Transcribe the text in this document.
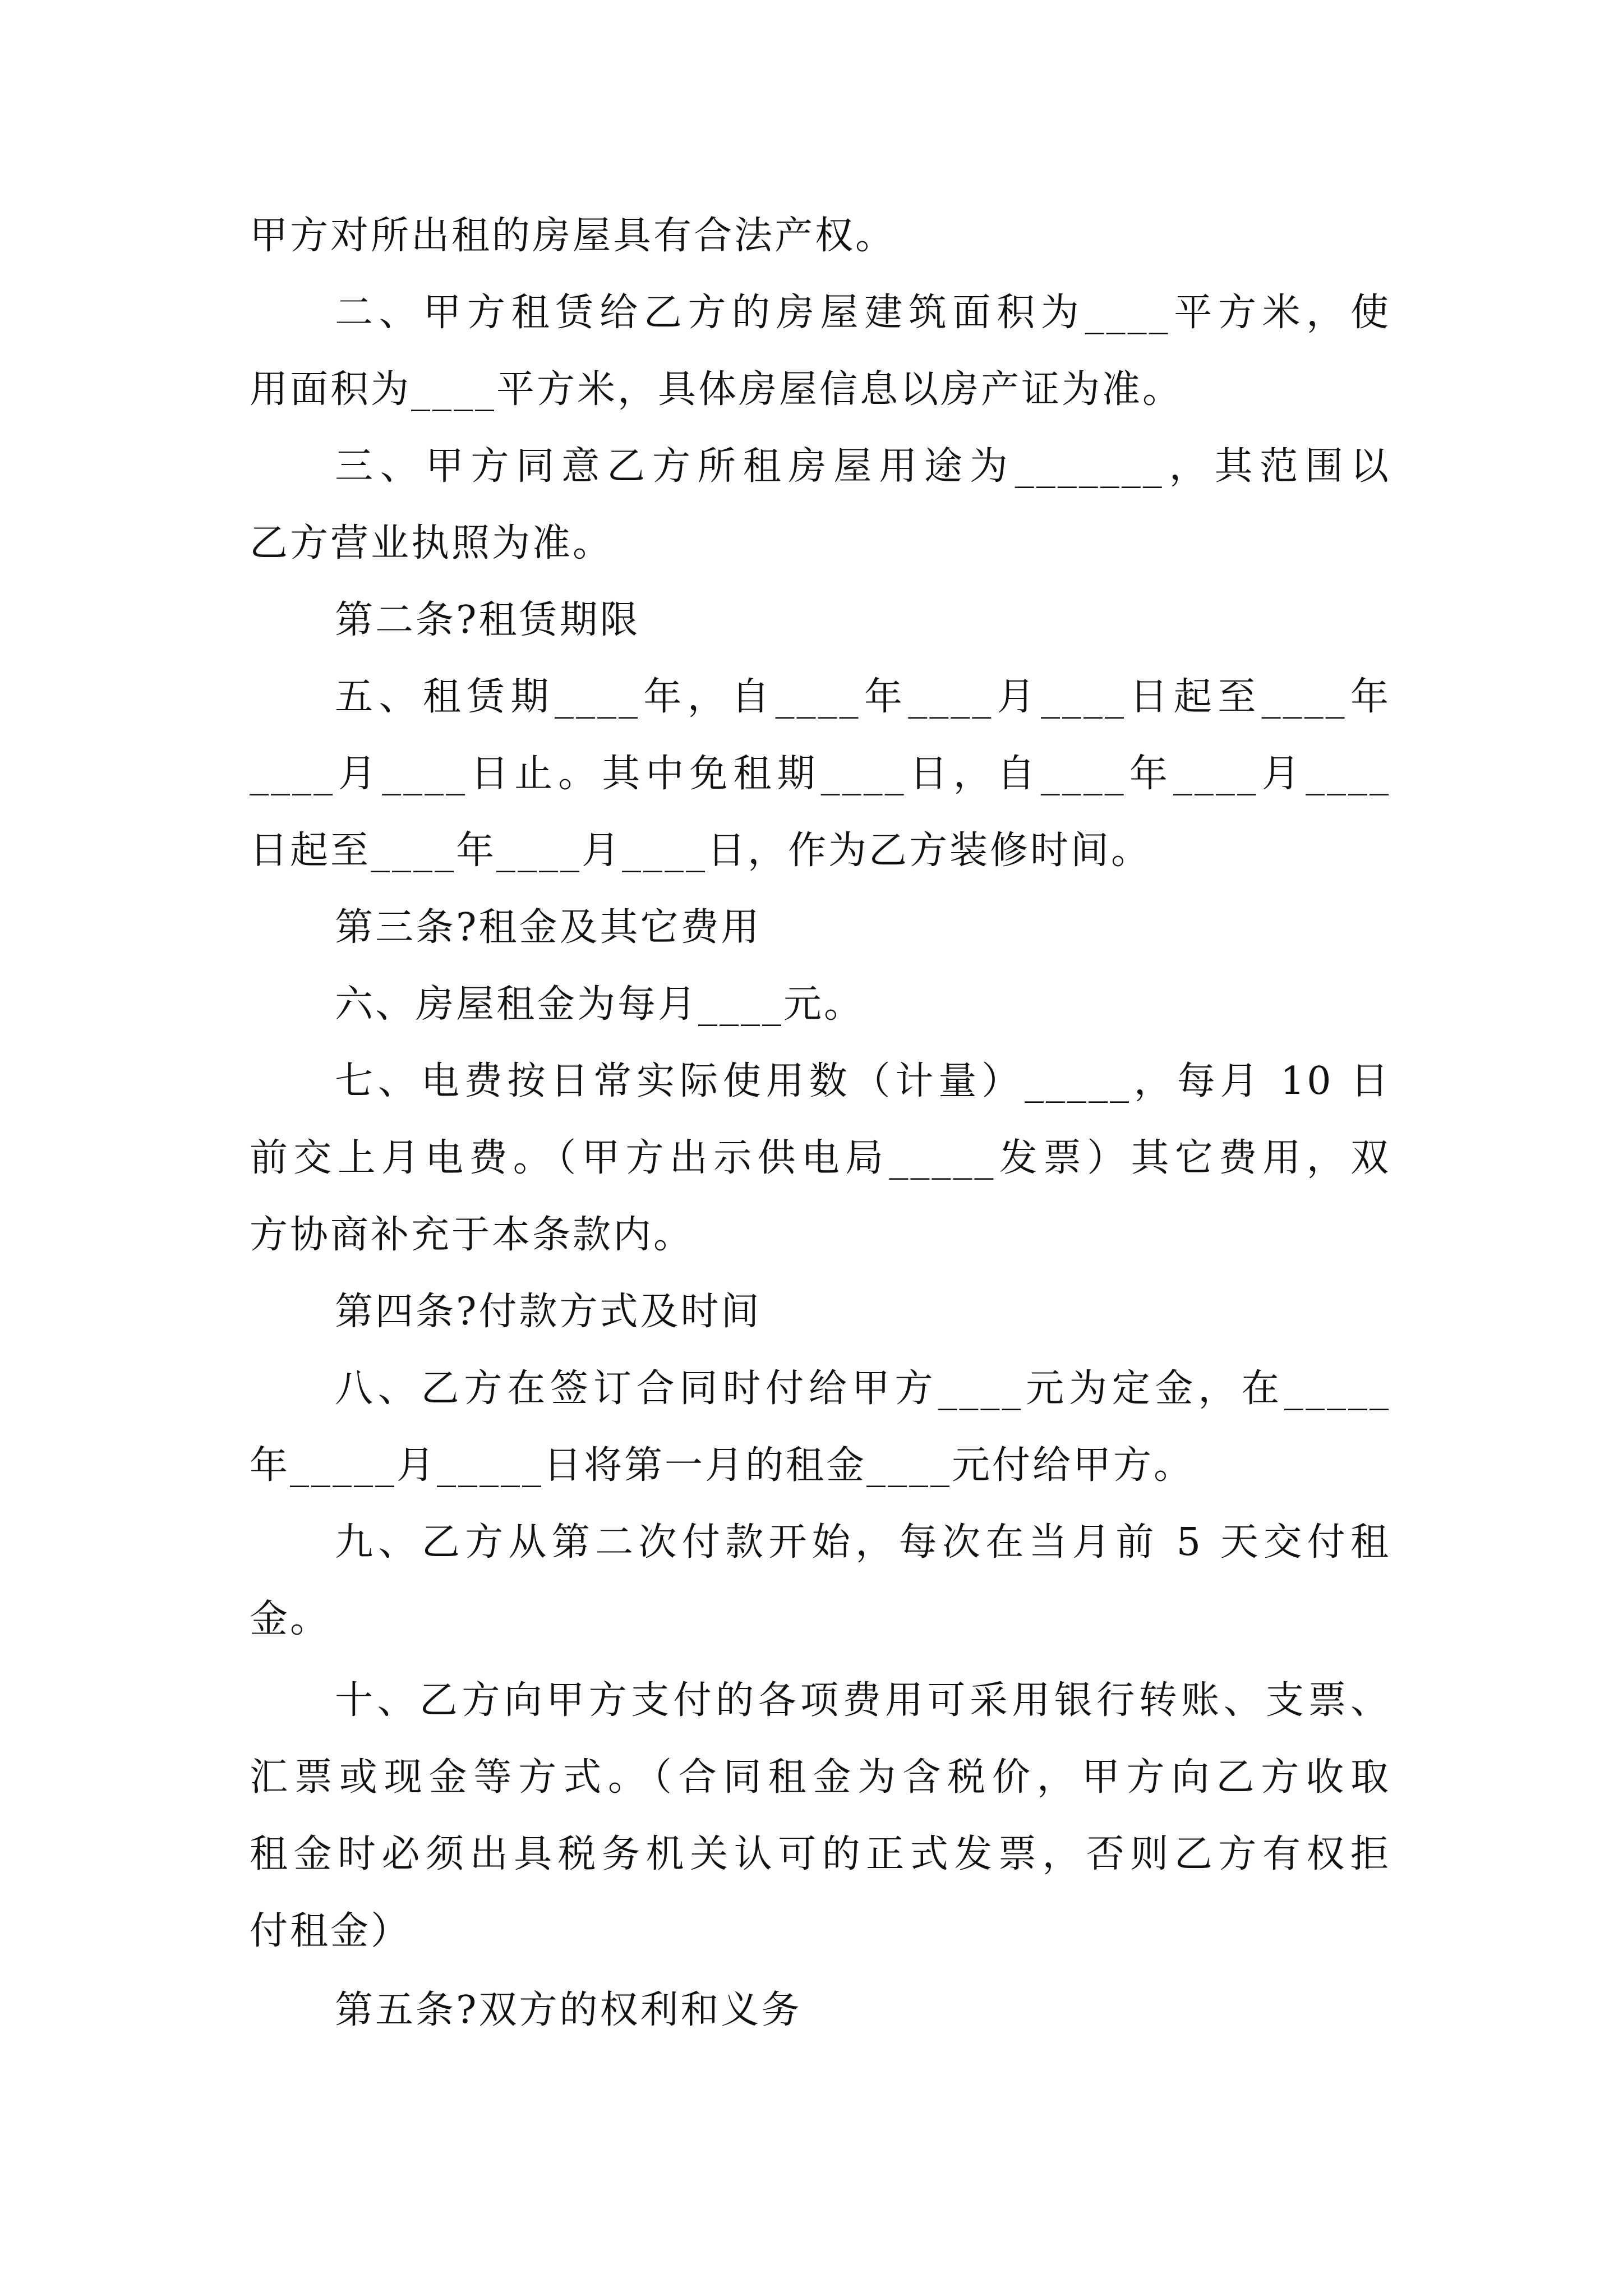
甲方对所出租的房屋具有合法产权。
二、甲方租赁给乙方的房屋建筑面积为____平方米，使
用面积为____平方米，具体房屋信息以房产证为准。
三、甲方同意乙方所租房屋用途为_______，其范围以
乙方营业执照为准。
第二条?租赁期限
五、租赁期____年，自____年____月____日起至____年
____月____日止。其中免租期____日，自____年____月____
日起至____年____月____日，作为乙方装修时间。
第三条?租金及其它费用
六、房屋租金为每月____元。
七、电费按日常实际使用数（计量）_____，每月 10 日
前交上月电费。（甲方出示供电局_____发票）其它费用，双
方协商补充于本条款内。
第四条?付款方式及时间
八、乙方在签订合同时付给甲方____元为定金，在_____
年_____月_____日将第一月的租金____元付给甲方。
九、乙方从第二次付款开始，每次在当月前 5 天交付租
金。
十、乙方向甲方支付的各项费用可采用银行转账、支票、
汇票或现金等方式。（合同租金为含税价，甲方向乙方收取
租金时必须出具税务机关认可的正式发票，否则乙方有权拒
付租金）
第五条?双方的权利和义务
